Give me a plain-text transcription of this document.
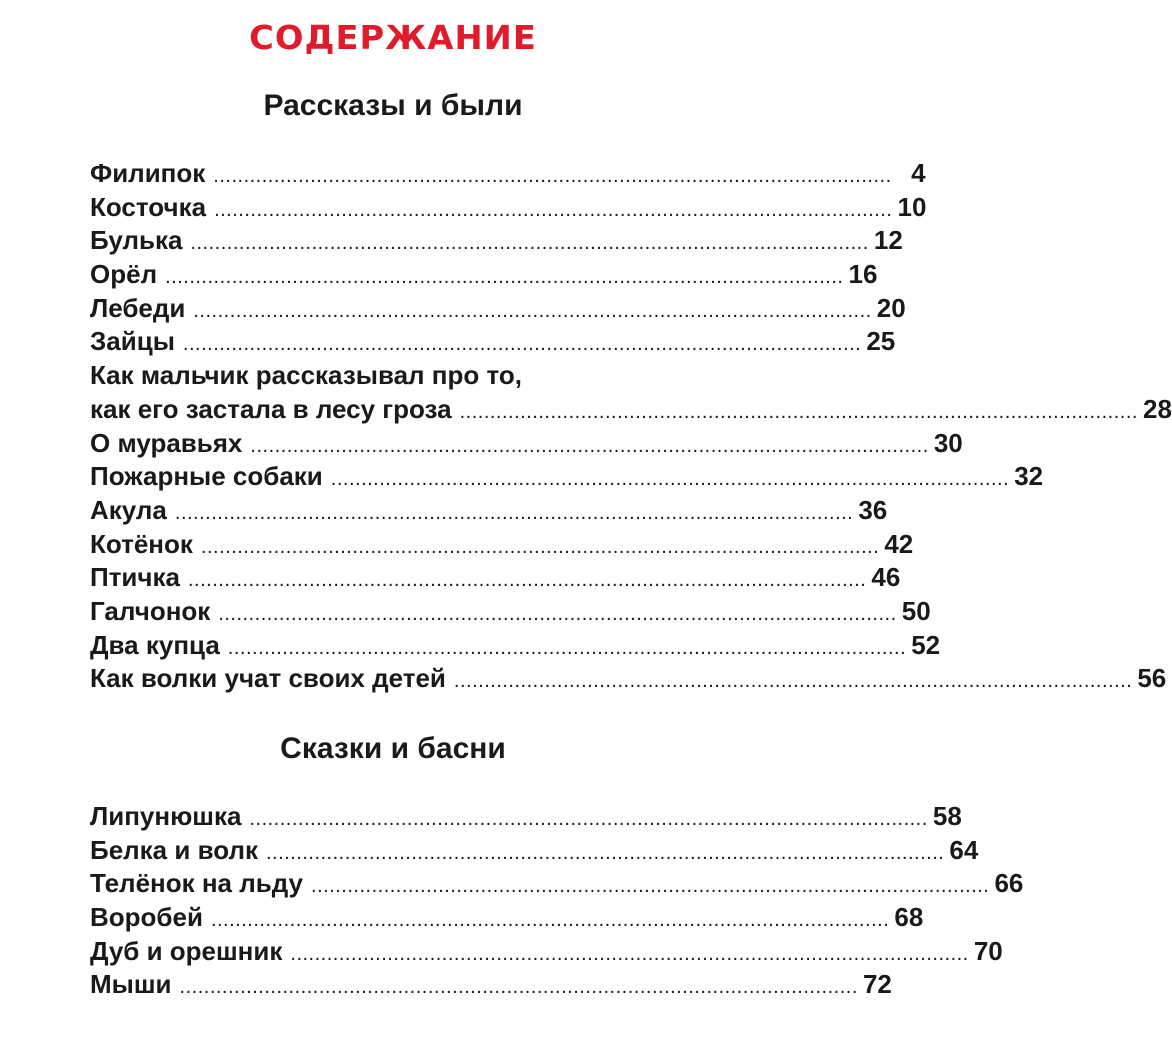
СОДЕРЖАНИЕ
Рассказы и были
Филипок ................................................................................................................ 4
Косточка ................................................................................................................ 10
Булька ................................................................................................................ 12
Орёл ................................................................................................................ 16
Лебеди ................................................................................................................ 20
Зайцы ................................................................................................................ 25
Как мальчик рассказывал про то,
как его застала в лесу гроза ................................................................................................................ 28
О муравьях ................................................................................................................ 30
Пожарные собаки ................................................................................................................ 32
Акула ................................................................................................................ 36
Котёнок ................................................................................................................ 42
Птичка ................................................................................................................ 46
Галчонок ................................................................................................................ 50
Два купца ................................................................................................................ 52
Как волки учат своих детей ................................................................................................................ 56
Сказки и басни
Липунюшка ................................................................................................................ 58
Белка и волк ................................................................................................................ 64
Телёнок на льду ................................................................................................................ 66
Воробей ................................................................................................................ 68
Дуб и орешник ................................................................................................................ 70
Мыши ................................................................................................................ 72
